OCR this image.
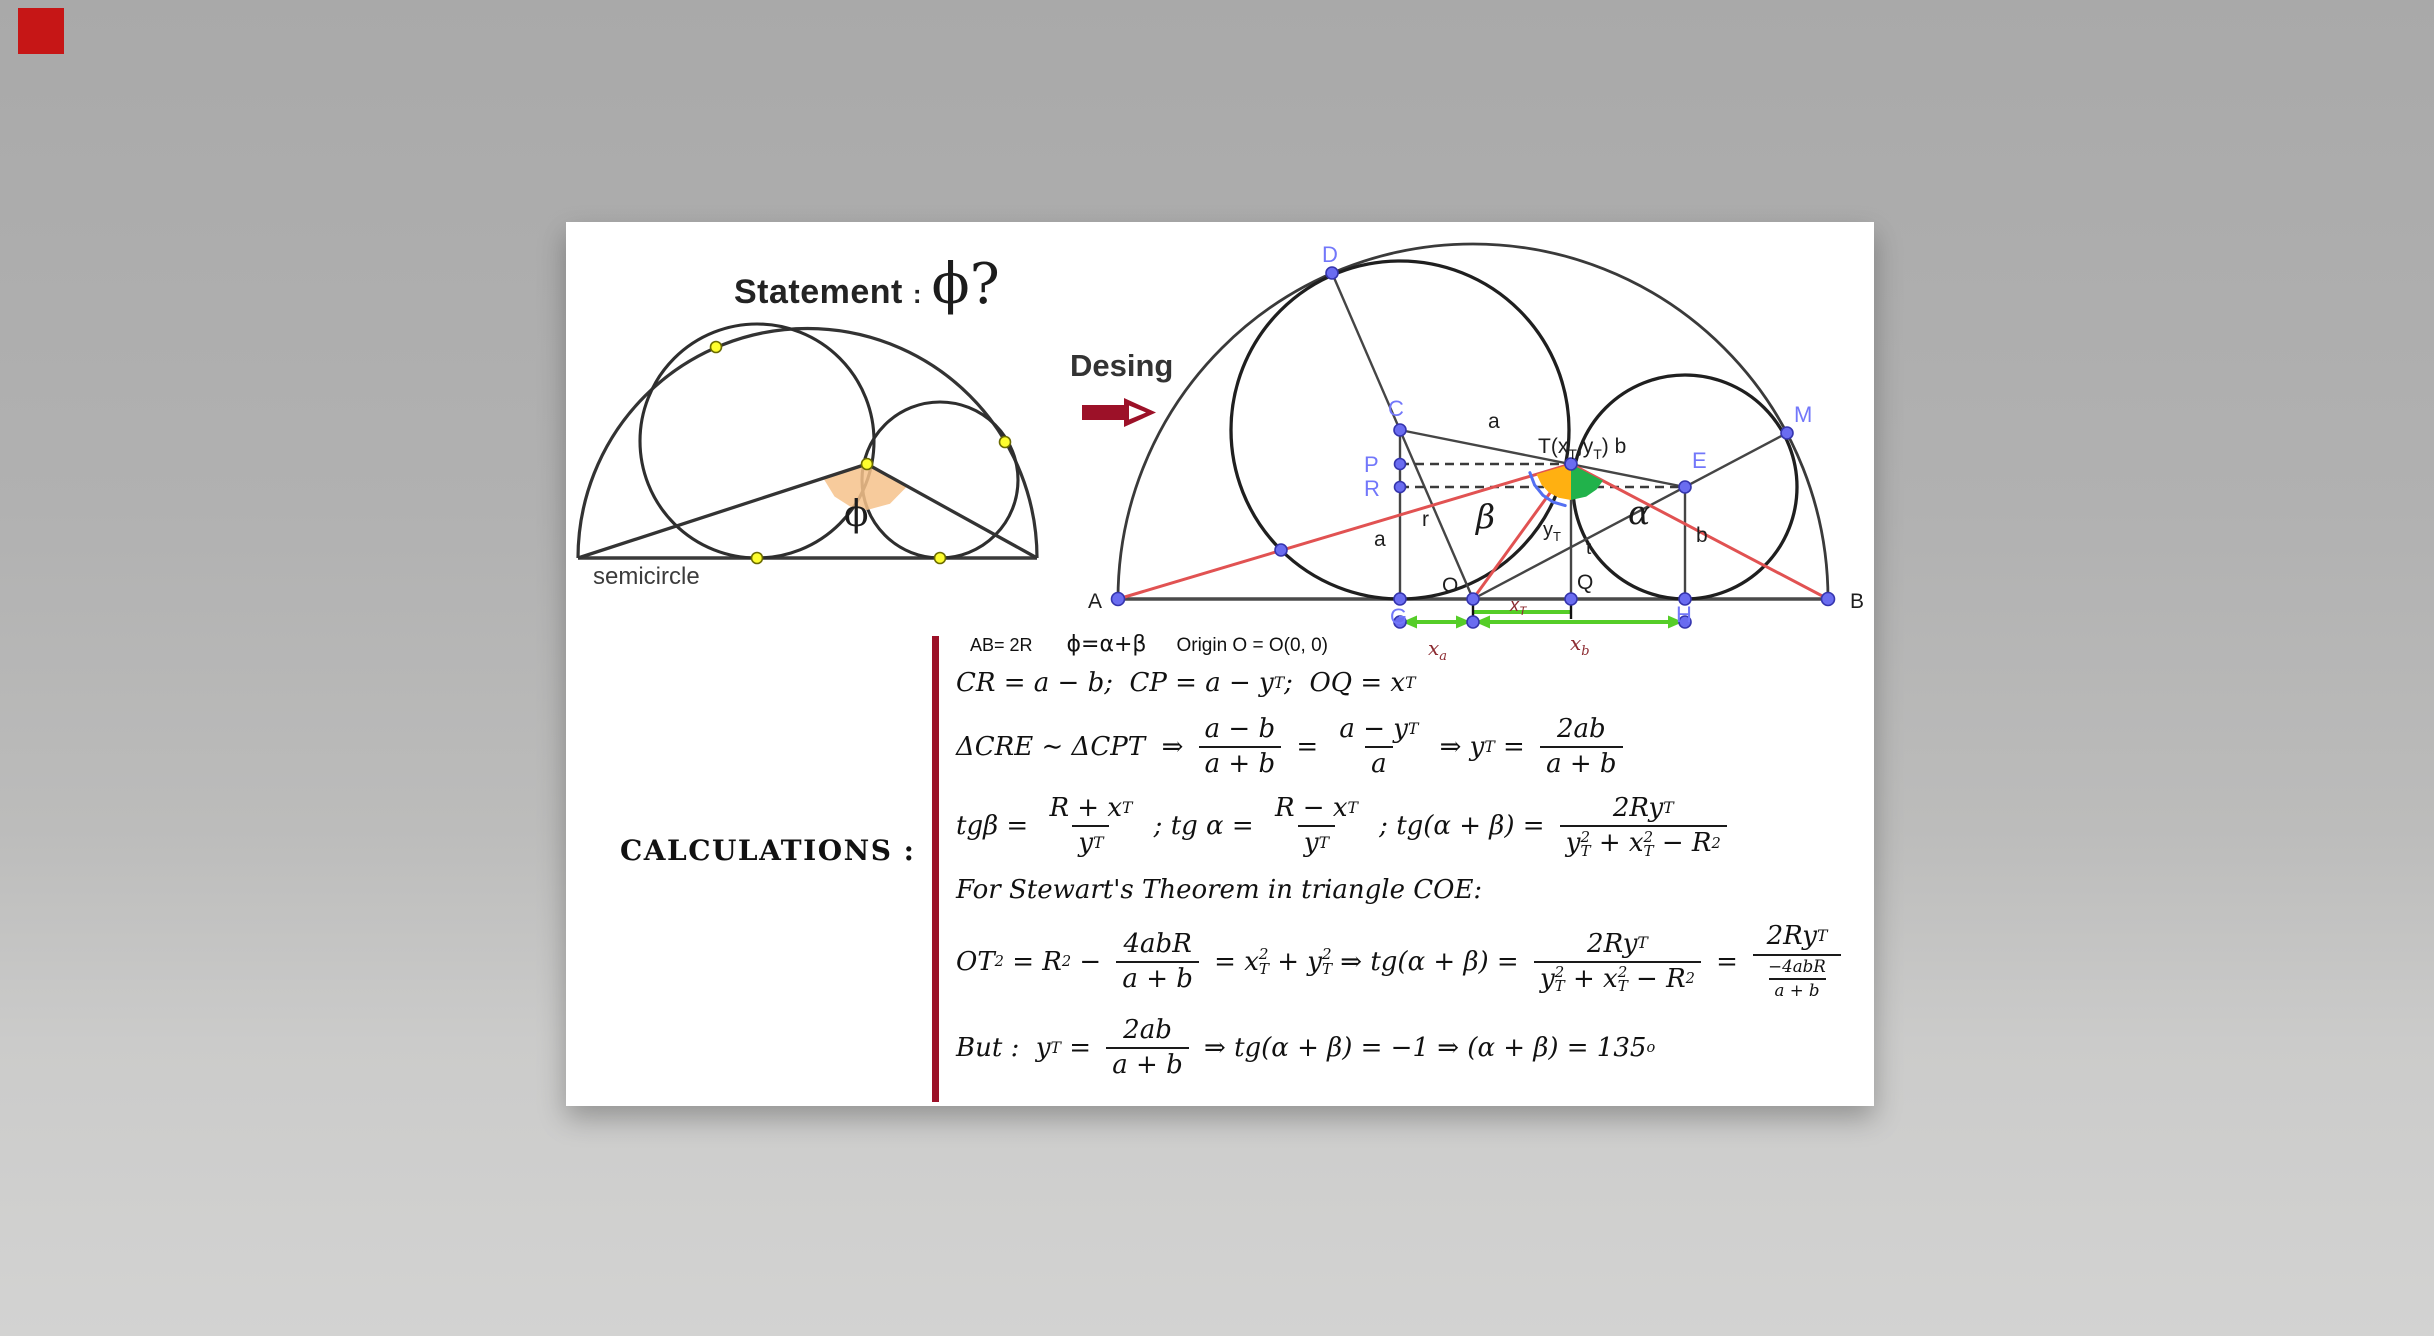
ϕ
semicircle
D
C
P
R
E
M
G	H
A	B
O	Q
$T(x_T,y_T)$ b
a
a
r
b
t
$y_T$
β	α
$x_T$
$x_a$
$x_b$
Statement : ϕ?
Desing
AB= 2R ϕ=α+β Origin O = O(0, 0)
CALCULATIONS :
CR = a − b;  CP = a − y T ;  OQ = x T
ΔCRE ∼ ΔCPT  ⇒ $\frac{a - b}{a + b} = \frac{\text{a − y T}}{a}$ ⇒ y $T = \frac{2ab}{a + b}$
$tg\beta = \frac{\text{R + x T}}{\text{y T}}$ ; tg $\alpha = \frac{\text{R − x T}}{\text{y T}}$ ; tg(α + β) = 2Ry T
y 2
T + x 2
T − R 2
For Stewart's Theorem in triangle COE:
OT 2 = R $2 - \frac{\text{4abR}}{a + b} = x$ 2
T + y 2
T ⇒ tg(α + β) = 2Ry T
y 2
T + x 2
T − R $2 = \frac{\text{2Ry T}}{\frac{\text{−4abR}}{a + b}}$
But :  y $T = \frac{2ab}{a + b}$ ⇒ tg(α + β) = −1 ⇒ (α + β) = 135 o
